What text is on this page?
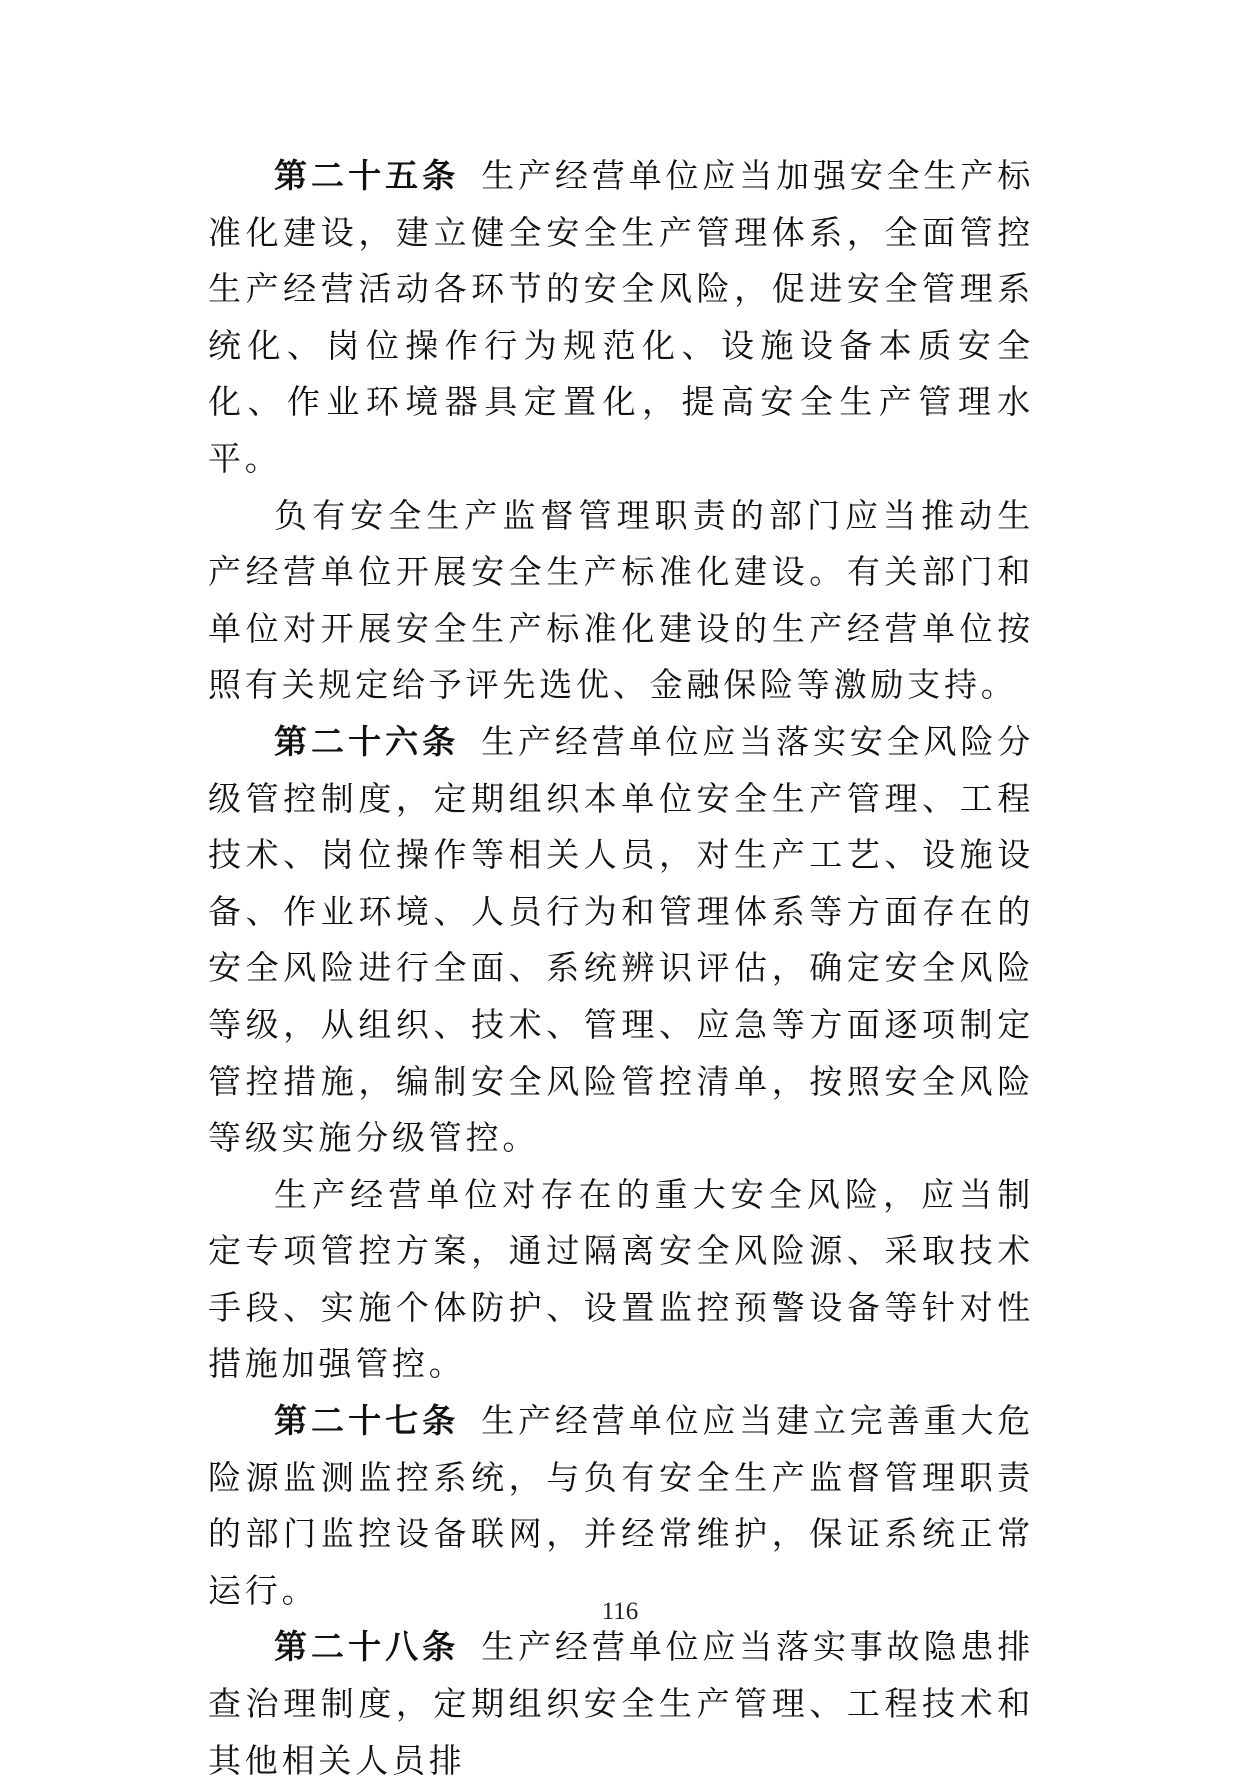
第二十五条 生产经营单位应当加强安全生产标准化建设，建立健全安全生产管理体系，全面管控生产经营活动各环节的安全风险，促进安全管理系统化、岗位操作行为规范化、设施设备本质安全化、作业环境器具定置化，提高安全生产管理水平。

负有安全生产监督管理职责的部门应当推动生产经营单位开展安全生产标准化建设。有关部门和单位对开展安全生产标准化建设的生产经营单位按照有关规定给予评先选优、金融保险等激励支持。

第二十六条 生产经营单位应当落实安全风险分级管控制度，定期组织本单位安全生产管理、工程技术、岗位操作等相关人员，对生产工艺、设施设备、作业环境、人员行为和管理体系等方面存在的安全风险进行全面、系统辨识评估，确定安全风险等级，从组织、技术、管理、应急等方面逐项制定管控措施，编制安全风险管控清单，按照安全风险等级实施分级管控。

生产经营单位对存在的重大安全风险，应当制定专项管控方案，通过隔离安全风险源、采取技术手段、实施个体防护、设置监控预警设备等针对性措施加强管控。

第二十七条 生产经营单位应当建立完善重大危险源监测监控系统，与负有安全生产监督管理职责的部门监控设备联网，并经常维护，保证系统正常运行。

第二十八条 生产经营单位应当落实事故隐患排查治理制度，定期组织安全生产管理、工程技术和其他相关人员排

116
